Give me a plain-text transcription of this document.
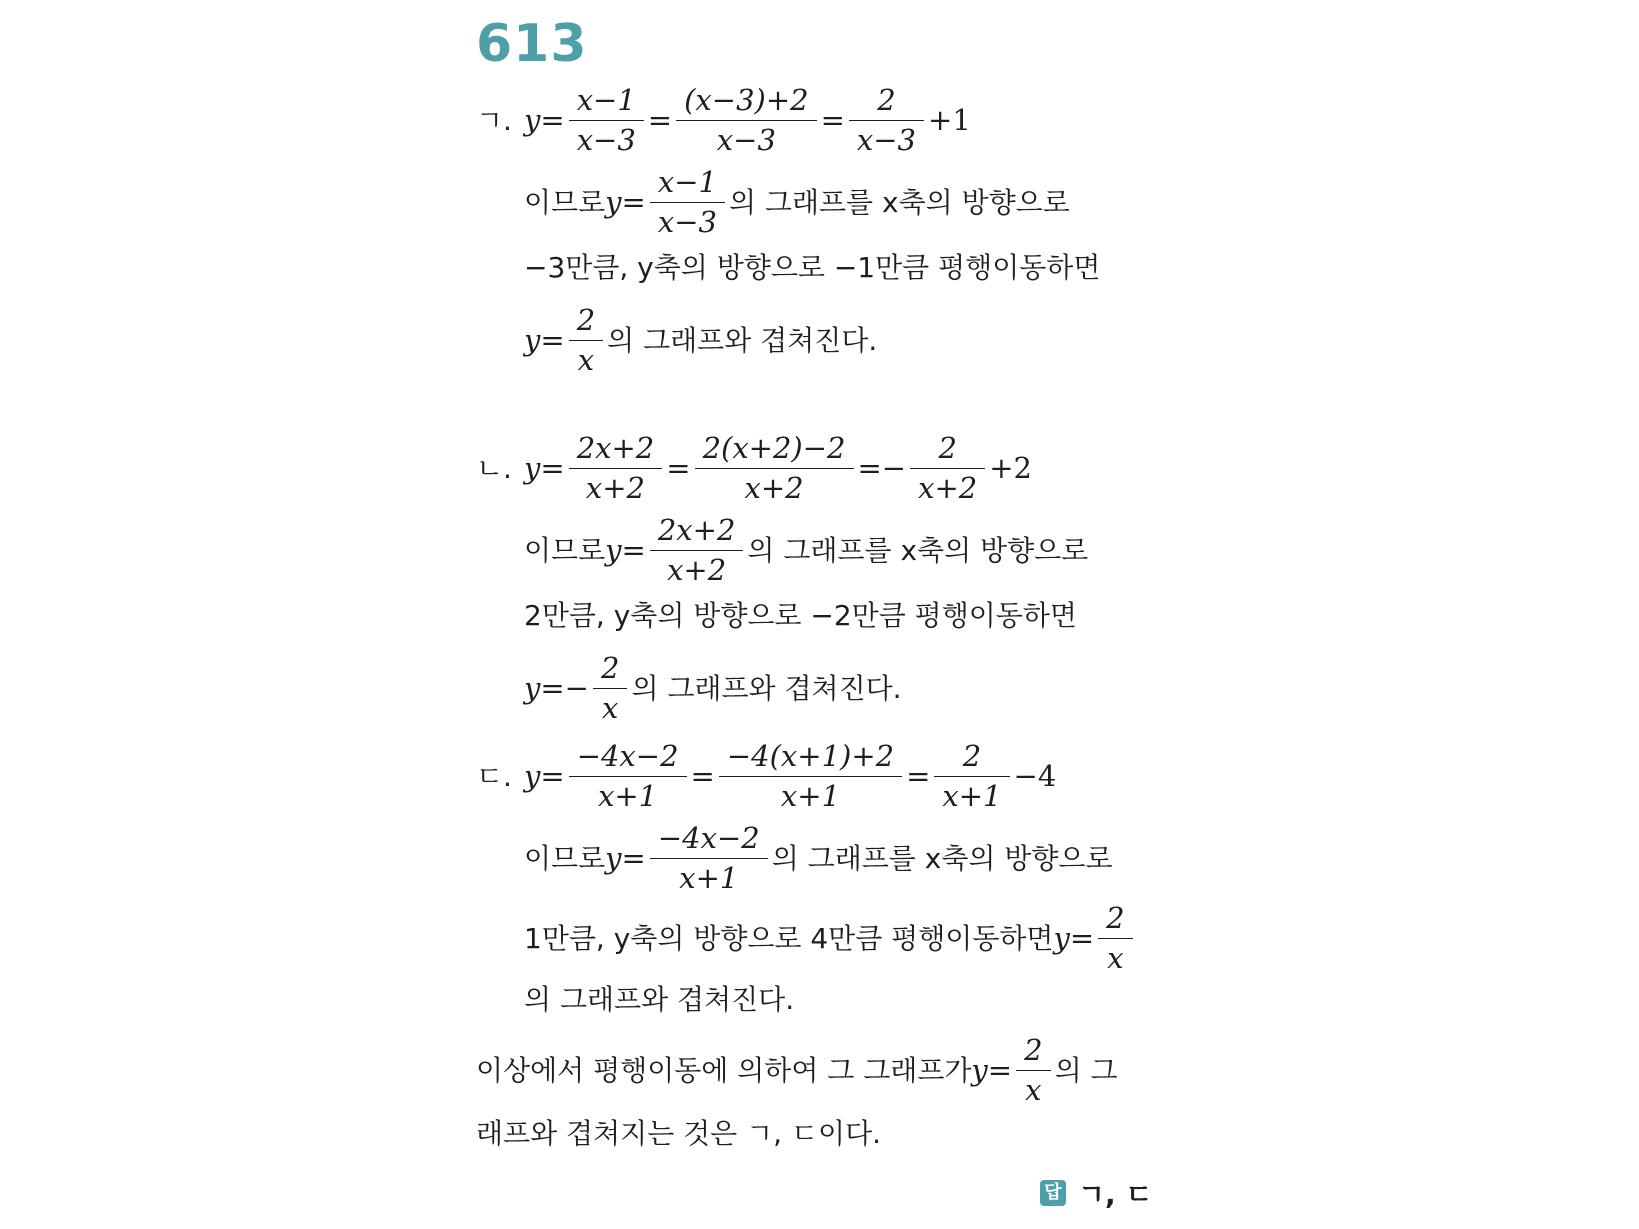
613
ㄱ. $y= \frac{x-1}{x-3} = \frac{(x-3)+2}{x-3} = \frac{2}{x-3} +1$
이므로 $y= \frac{x-1}{x-3}$ 의 그래프를 x축의 방향으로
−3만큼, y축의 방향으로 −1만큼 평행이동하면
$y= \frac{2}{x}$ 의 그래프와 겹쳐진다.
ㄴ. $y= \frac{2x+2}{x+2} = \frac{2(x+2)-2}{x+2} =- \frac{2}{x+2} +2$
이므로 $y= \frac{2x+2}{x+2}$ 의 그래프를 x축의 방향으로
2만큼, y축의 방향으로 −2만큼 평행이동하면
$y=- \frac{2}{x}$ 의 그래프와 겹쳐진다.
ㄷ. $y= \frac{-4x-2}{x+1} = \frac{-4(x+1)+2}{x+1} = \frac{2}{x+1} -4$
이므로 $y= \frac{-4x-2}{x+1}$ 의 그래프를 x축의 방향으로
1만큼, y축의 방향으로 4만큼 평행이동하면 $y= \frac{2}{x}$
의 그래프와 겹쳐진다.
이상에서 평행이동에 의하여 그 그래프가 $y= \frac{2}{x}$ 의 그
래프와 겹쳐지는 것은 ㄱ, ㄷ이다.
답 ㄱ, ㄷ
